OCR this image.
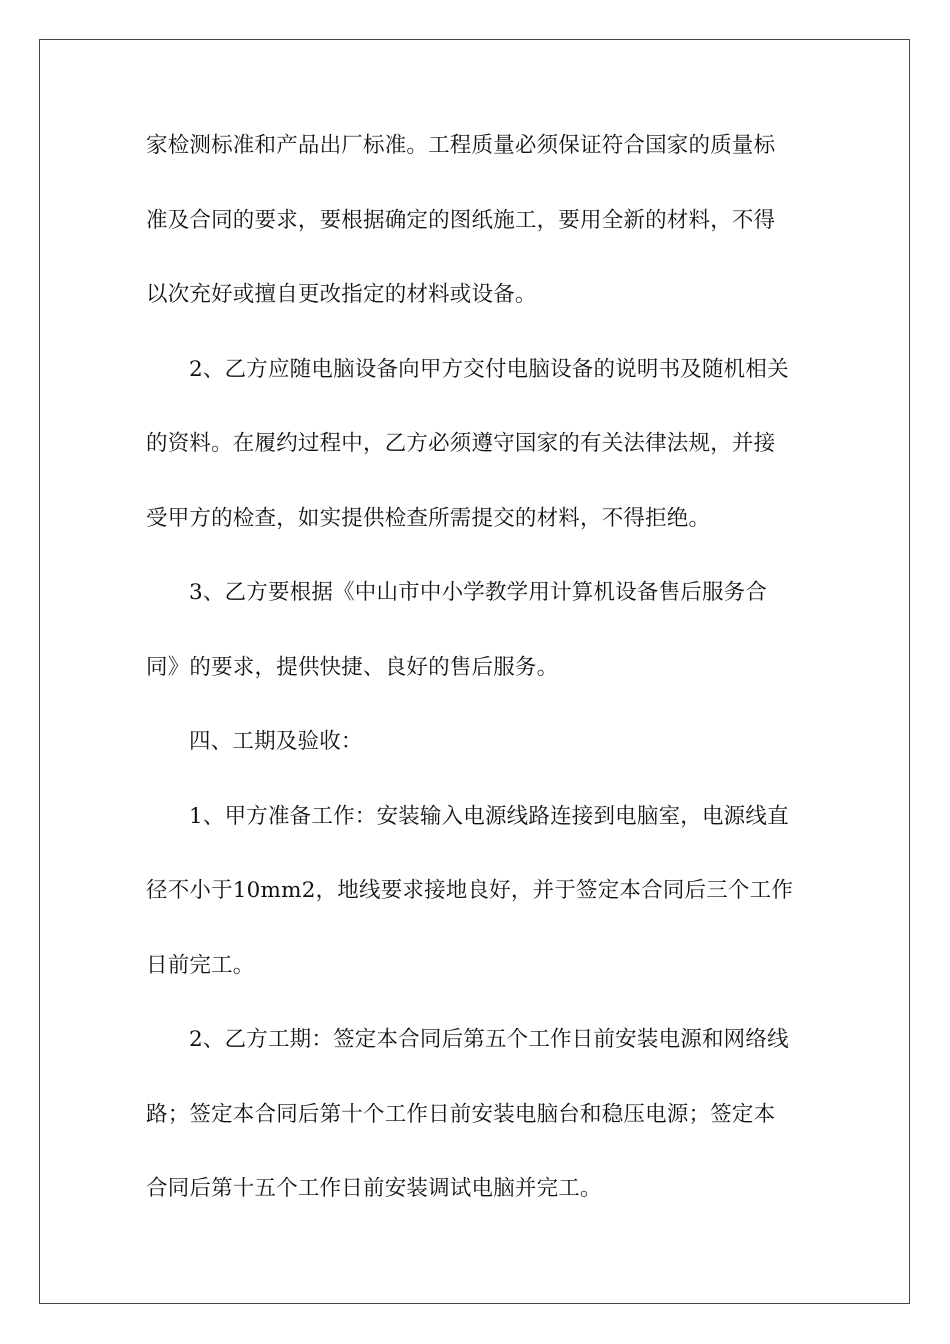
家检测标准和产品出厂标准。工程质量必须保证符合国家的质量标
准及合同的要求，要根据确定的图纸施工，要用全新的材料，不得
以次充好或擅自更改指定的材料或设备。
2、乙方应随电脑设备向甲方交付电脑设备的说明书及随机相关
的资料。在履约过程中，乙方必须遵守国家的有关法律法规，并接
受甲方的检查，如实提供检查所需提交的材料，不得拒绝。
3、乙方要根据《中山市中小学教学用计算机设备售后服务合
同》的要求，提供快捷、良好的售后服务。
四、工期及验收：
1、甲方准备工作：安装输入电源线路连接到电脑室，电源线直
径不小于10mm2，地线要求接地良好，并于签定本合同后三个工作
日前完工。
2、乙方工期：签定本合同后第五个工作日前安装电源和网络线
路；签定本合同后第十个工作日前安装电脑台和稳压电源；签定本
合同后第十五个工作日前安装调试电脑并完工。
